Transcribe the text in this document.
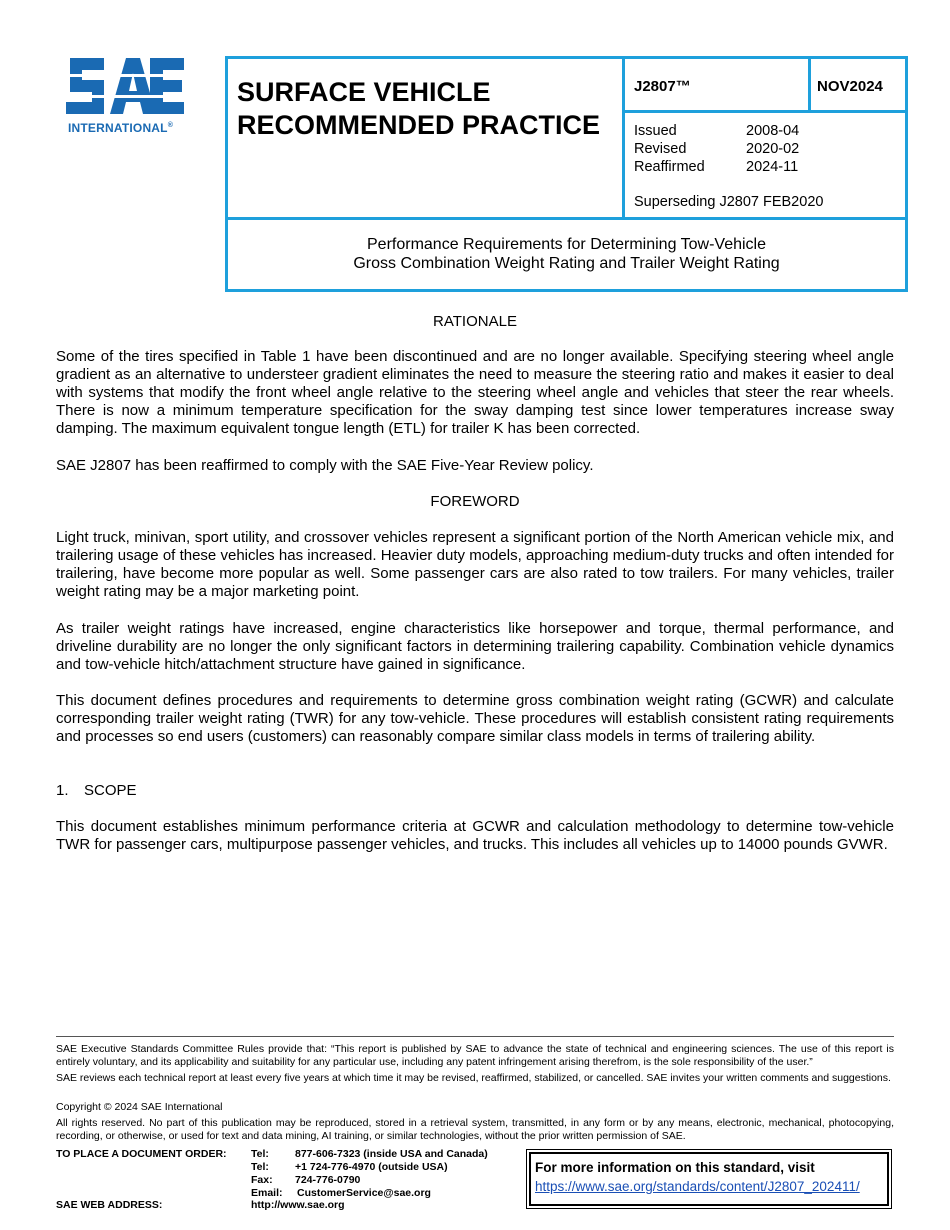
INTERNATIONAL®
SURFACE VEHICLE
RECOMMENDED PRACTICE
J2807™	NOV2024
Issued	2008-04
Revised	2020-02
Reaffirmed	2024-11
Superseding J2807 FEB2020
Performance Requirements for Determining Tow-Vehicle
Gross Combination Weight Rating and Trailer Weight Rating
RATIONALE
Some of the tires specified in Table 1 have been discontinued and are no longer available. Specifying steering wheel angle gradient as an alternative to understeer gradient eliminates the need to measure the steering ratio and makes it easier to deal with systems that modify the front wheel angle relative to the steering wheel angle and vehicles that steer the rear wheels. There is now a minimum temperature specification for the sway damping test since lower temperatures increase sway damping. The maximum equivalent tongue length (ETL) for trailer K has been corrected.
SAE J2807 has been reaffirmed to comply with the SAE Five-Year Review policy.
FOREWORD
Light truck, minivan, sport utility, and crossover vehicles represent a significant portion of the North American vehicle mix, and trailering usage of these vehicles has increased. Heavier duty models, approaching medium-duty trucks and often intended for trailering, have become more popular as well. Some passenger cars are also rated to tow trailers. For many vehicles, trailer weight rating may be a major marketing point.
As trailer weight ratings have increased, engine characteristics like horsepower and torque, thermal performance, and driveline durability are no longer the only significant factors in determining trailering capability. Combination vehicle dynamics and tow-vehicle hitch/attachment structure have gained in significance.
This document defines procedures and requirements to determine gross combination weight rating (GCWR) and calculate corresponding trailer weight rating (TWR) for any tow-vehicle. These procedures will establish consistent rating requirements and processes so end users (customers) can reasonably compare similar class models in terms of trailering ability.
1. SCOPE
This document establishes minimum performance criteria at GCWR and calculation methodology to determine tow-vehicle TWR for passenger cars, multipurpose passenger vehicles, and trucks. This includes all vehicles up to 14000 pounds GVWR.
SAE Executive Standards Committee Rules provide that: “This report is published by SAE to advance the state of technical and engineering sciences. The use of this report is entirely voluntary, and its applicability and suitability for any particular use, including any patent infringement arising therefrom, is the sole responsibility of the user.”
SAE reviews each technical report at least every five years at which time it may be revised, reaffirmed, stabilized, or cancelled. SAE invites your written comments and suggestions.
Copyright © 2024 SAE International
All rights reserved. No part of this publication may be reproduced, stored in a retrieval system, transmitted, in any form or by any means, electronic, mechanical, photocopying, recording, or otherwise, or used for text and data mining, AI training, or similar technologies, without the prior written permission of SAE.
TO PLACE A DOCUMENT ORDER: Tel: 877-606-7323 (inside USA and Canada)
Tel: +1 724-776-4970 (outside USA)
Fax: 724-776-0790
Email: CustomerService@sae.org
SAE WEB ADDRESS:	http://www.sae.org
For more information on this standard, visit
https://www.sae.org/standards/content/J2807_202411/
